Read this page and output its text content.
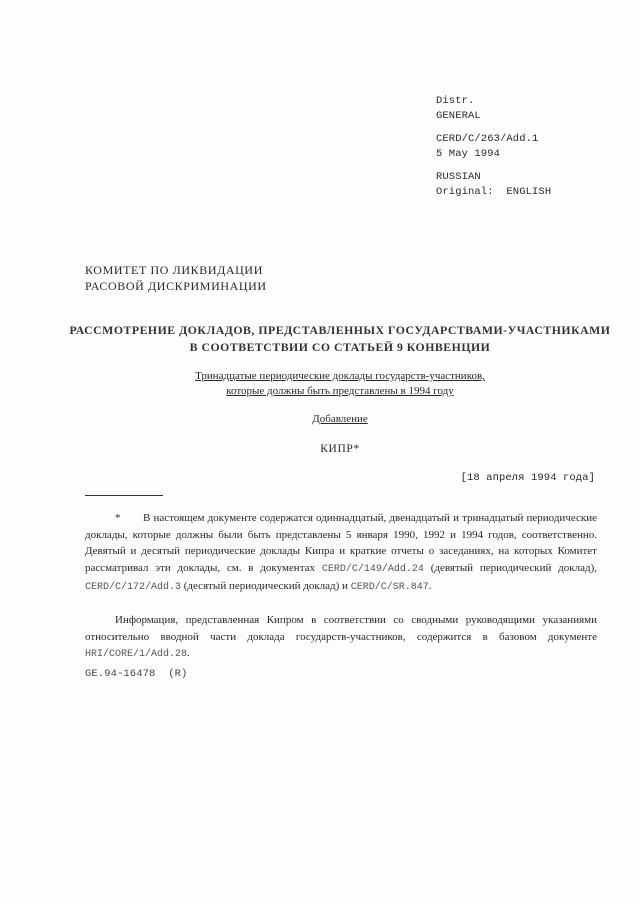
Distr.
GENERAL
CERD/C/263/Add.1
5 May 1994
RUSSIAN
Original:  ENGLISH
КОМИТЕТ ПО ЛИКВИДАЦИИ
РАСОВОЙ ДИСКРИМИНАЦИИ
РАССМОТРЕНИЕ ДОКЛАДОВ, ПРЕДСТАВЛЕННЫХ ГОСУДАРСТВАМИ-УЧАСТНИКАМИ
В СООТВЕТСТВИИ СО СТАТЬЕЙ 9 КОНВЕНЦИИ
Тринадцатые периодические доклады государств-участников,
которые должны быть представлены в 1994 году
Добавление
КИПР*
[18 апреля 1994 года]

* В настоящем документе содержатся одиннадцатый, двенадцатый и тринадцатый периодические доклады, которые должны были быть представлены 5 января 1990, 1992 и 1994 годов, соответственно. Девятый и десятый периодические доклады Кипра и краткие отчеты о заседаниях, на которых Комитет рассматривал эти доклады, см. в документах CERD/C/149/Add.24 (девятый периодический доклад), CERD/C/172/Add.3 (десятый периодический доклад) и CERD/C/SR.847.

Информация, представленная Кипром в соответствии со сводными руководящими указаниями относительно вводной части доклада государств-участников, содержится в базовом документе HRI/CORE/1/Add.28.

GE.94-16478  (R)
